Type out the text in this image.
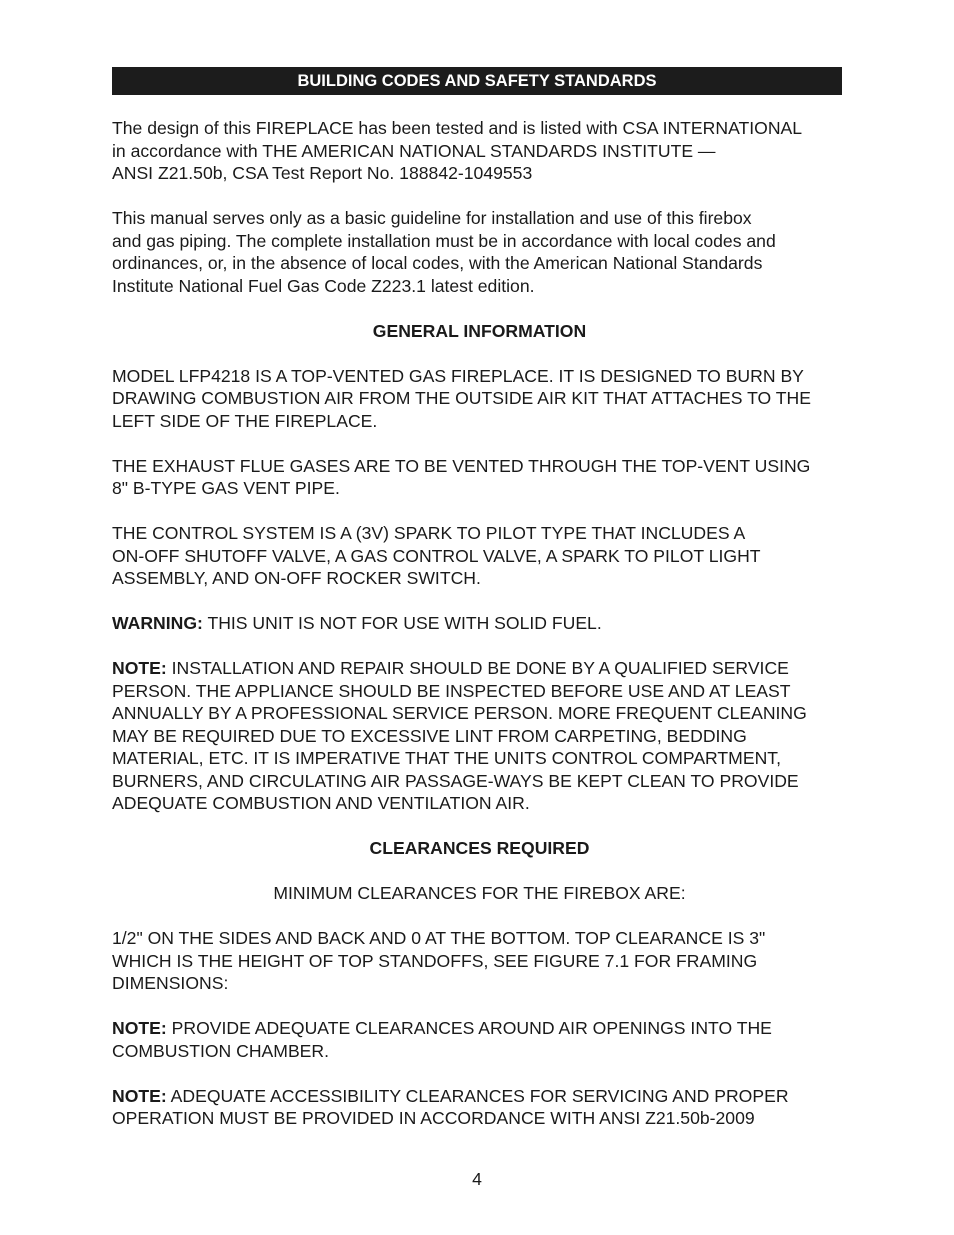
BUILDING CODES AND SAFETY STANDARDS

The design of this FIREPLACE has been tested and is listed with CSA INTERNATIONAL
in accordance with THE AMERICAN NATIONAL STANDARDS INSTITUTE —
ANSI Z21.50b, CSA Test Report No. 188842-1049553

This manual serves only as a basic guideline for installation and use of this firebox
and gas piping. The complete installation must be in accordance with local codes and
ordinances, or, in the absence of local codes, with the American National Standards
Institute National Fuel Gas Code Z223.1 latest edition.

GENERAL INFORMATION

MODEL LFP4218 IS A TOP-VENTED GAS FIREPLACE. IT IS DESIGNED TO BURN BY
DRAWING COMBUSTION AIR FROM THE OUTSIDE AIR KIT THAT ATTACHES TO THE
LEFT SIDE OF THE FIREPLACE.

THE EXHAUST FLUE GASES ARE TO BE VENTED THROUGH THE TOP-VENT USING
8" B-TYPE GAS VENT PIPE.

THE CONTROL SYSTEM IS A (3V) SPARK TO PILOT TYPE THAT INCLUDES A
ON-OFF SHUTOFF VALVE, A GAS CONTROL VALVE, A SPARK TO PILOT LIGHT
ASSEMBLY, AND ON-OFF ROCKER SWITCH.

WARNING: THIS UNIT IS NOT FOR USE WITH SOLID FUEL.

NOTE: INSTALLATION AND REPAIR SHOULD BE DONE BY A QUALIFIED SERVICE
PERSON. THE APPLIANCE SHOULD BE INSPECTED BEFORE USE AND AT LEAST
ANNUALLY BY A PROFESSIONAL SERVICE PERSON. MORE FREQUENT CLEANING
MAY BE REQUIRED DUE TO EXCESSIVE LINT FROM CARPETING, BEDDING
MATERIAL, ETC. IT IS IMPERATIVE THAT THE UNITS CONTROL COMPARTMENT,
BURNERS, AND CIRCULATING AIR PASSAGE-WAYS BE KEPT CLEAN TO PROVIDE
ADEQUATE COMBUSTION AND VENTILATION AIR.

CLEARANCES REQUIRED

MINIMUM CLEARANCES FOR THE FIREBOX ARE:

1/2" ON THE SIDES AND BACK AND 0 AT THE BOTTOM. TOP CLEARANCE IS 3"
WHICH IS THE HEIGHT OF TOP STANDOFFS, SEE FIGURE 7.1 FOR FRAMING
DIMENSIONS:

NOTE: PROVIDE ADEQUATE CLEARANCES AROUND AIR OPENINGS INTO THE
COMBUSTION CHAMBER.

NOTE: ADEQUATE ACCESSIBILITY CLEARANCES FOR SERVICING AND PROPER
OPERATION MUST BE PROVIDED IN ACCORDANCE WITH ANSI Z21.50b-2009

4
